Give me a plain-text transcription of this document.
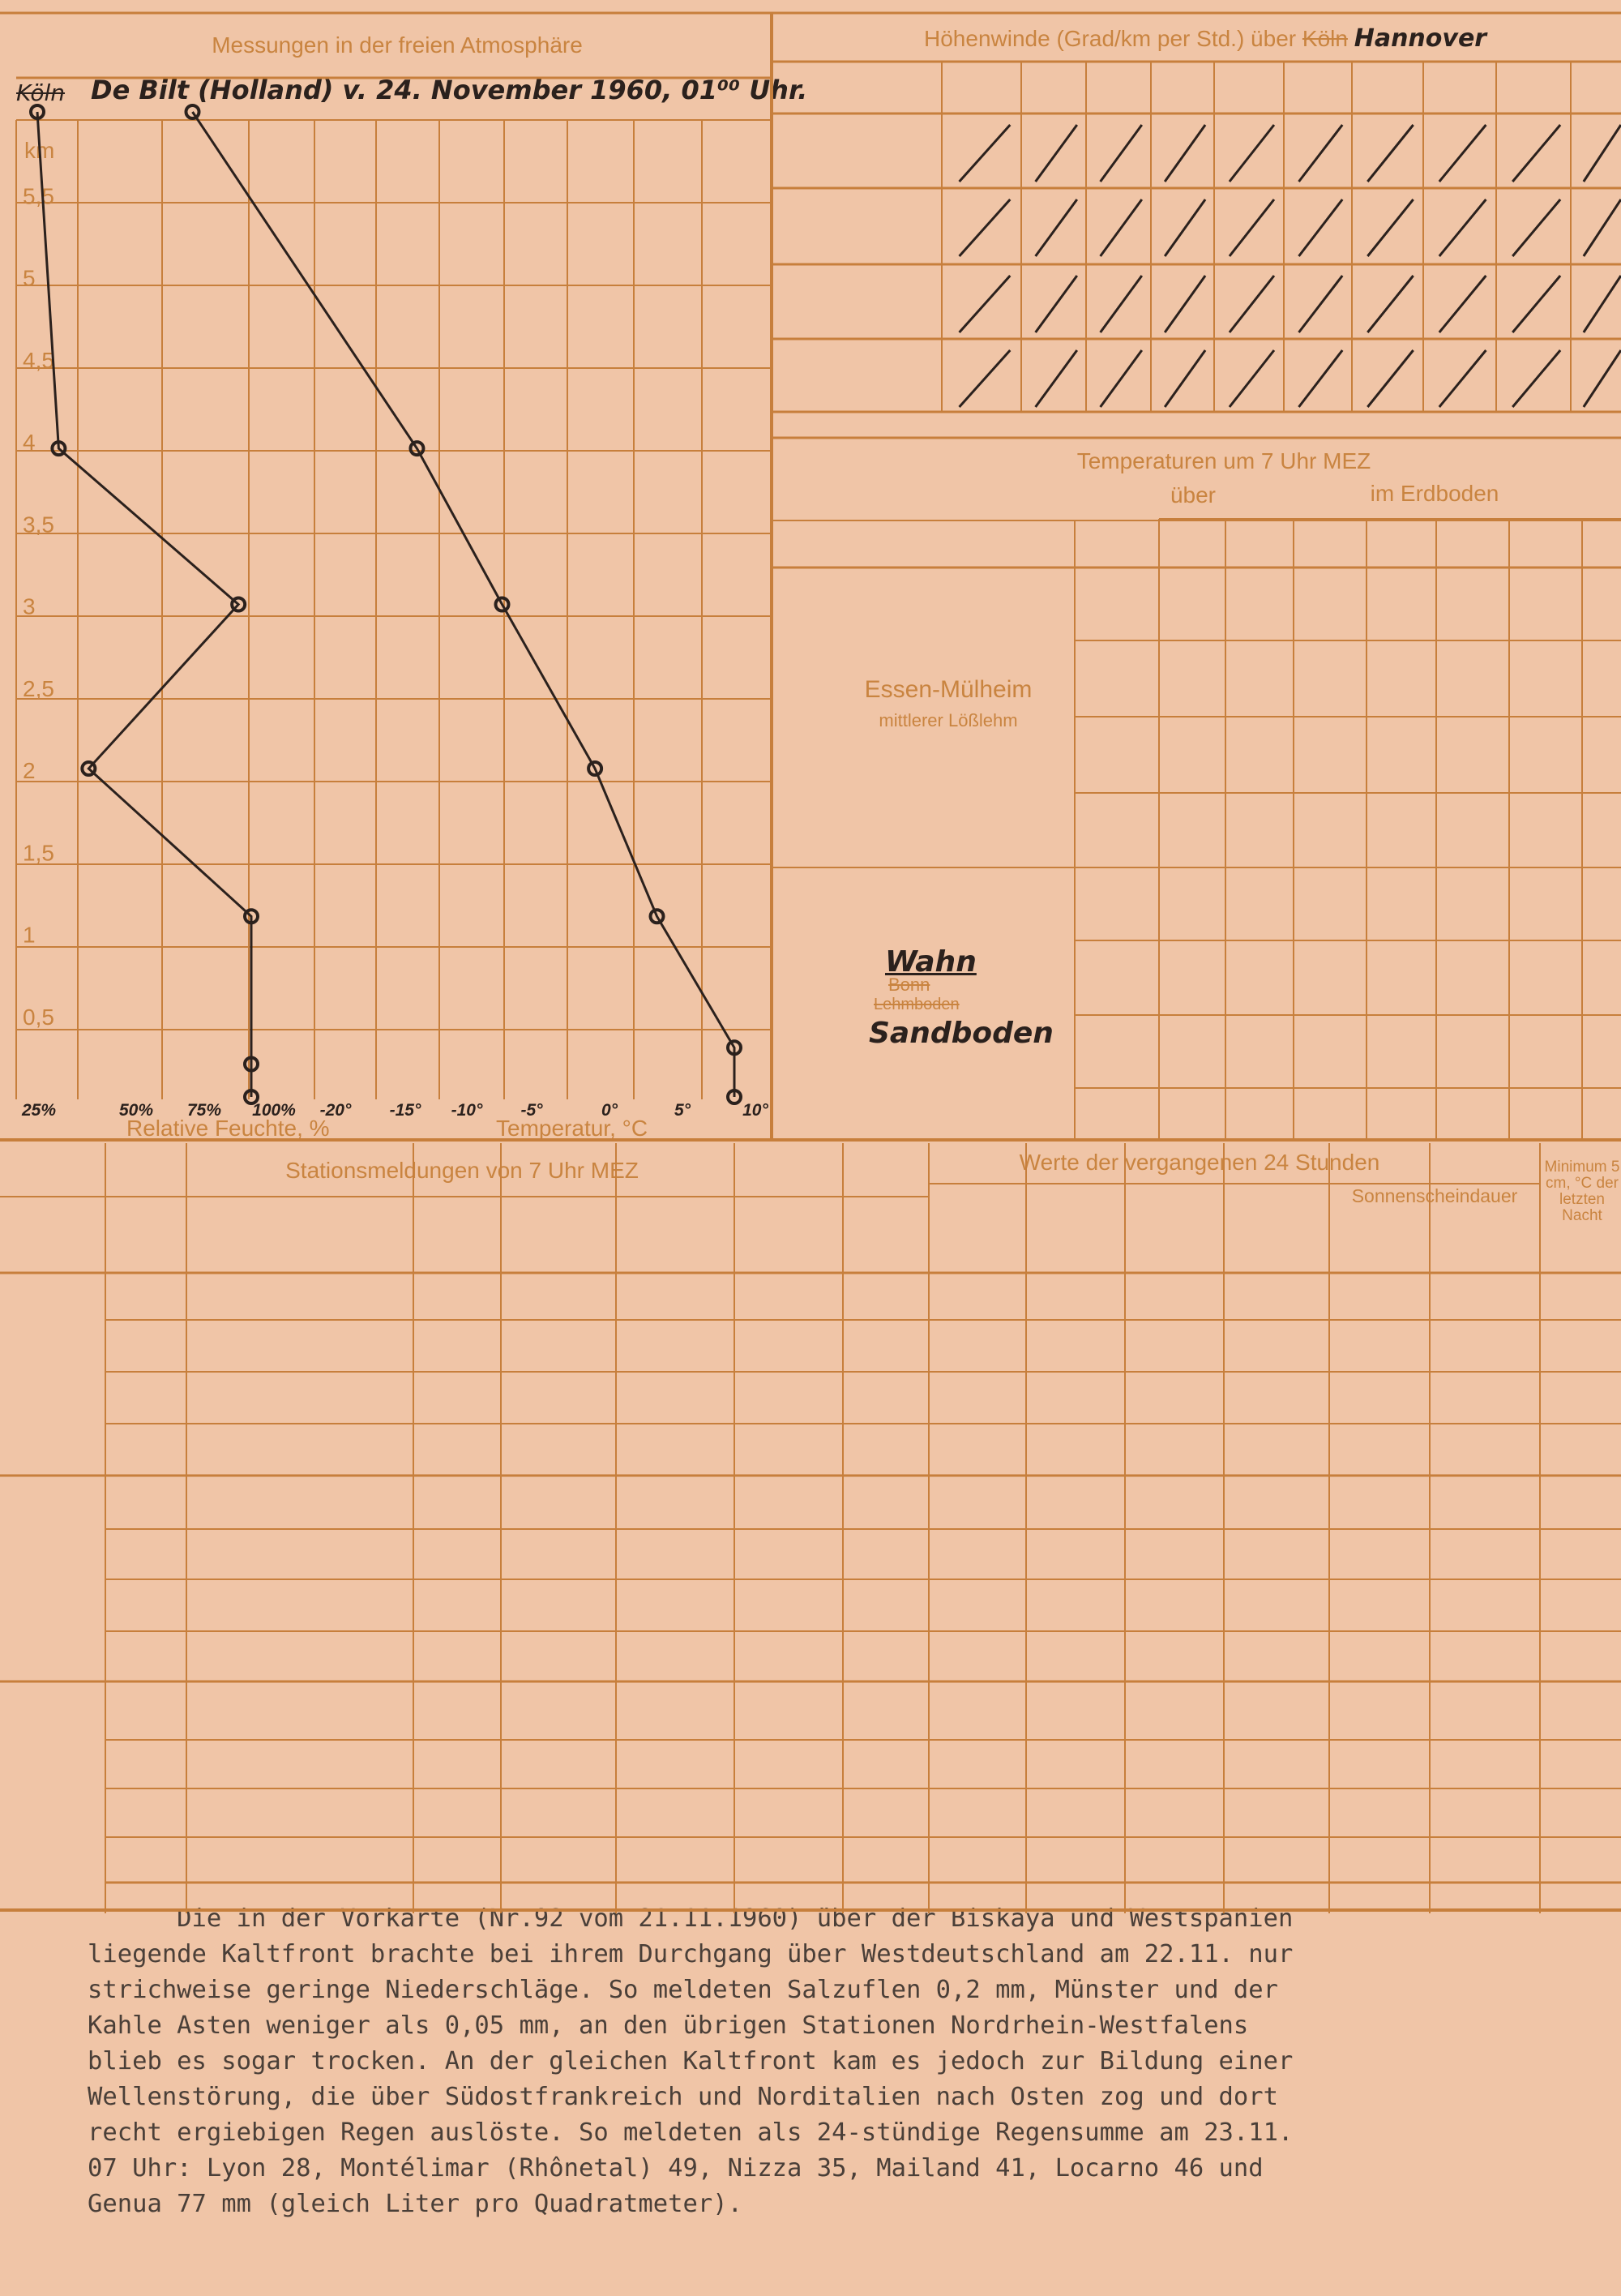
Messungen in der freien Atmosphäre
Köln De Bilt (Holland) v. 24. November 1960, 01⁰⁰ Uhr.
km
5,5
5
4,5
4
3,5
3
2,5
2
1,5
1
0,5
25%	50% 75% 100% -20° -15° -10° -5°	0°	5°	10°
Relative Feuchte, %	Temperatur, °C
Höhenwinde (Grad/km per Std.) über Köln Hannover
Temperaturen um 7 Uhr MEZ
über	im Erdboden
Essen-Mülheim
mittlerer Lößlehm
Wahn
Bonn
Lehmboden
Sandboden
Stationsmeldungen von 7 Uhr MEZ	Werte der vergangenen 24 Stunden	Minimum 5 cm, °C der letzten Nacht
Sonnenscheindauer
Die in der Vorkarte (Nr.92 vom 21.11.1960) über der Biskaya und Westspanien
liegende Kaltfront brachte bei ihrem Durchgang über Westdeutschland am 22.11. nur
strichweise geringe Niederschläge. So meldeten Salzuflen 0,2 mm, Münster und der
Kahle Asten weniger als 0,05 mm, an den übrigen Stationen Nordrhein-Westfalens
blieb es sogar trocken. An der gleichen Kaltfront kam es jedoch zur Bildung einer
Wellenstörung, die über Südostfrankreich und Norditalien nach Osten zog und dort
recht ergiebigen Regen auslöste. So meldeten als 24-stündige Regensumme am 23.11.
07 Uhr: Lyon 28, Montélimar (Rhônetal) 49, Nizza 35, Mailand 41, Locarno 46 und
Genua 77 mm (gleich Liter pro Quadratmeter).
